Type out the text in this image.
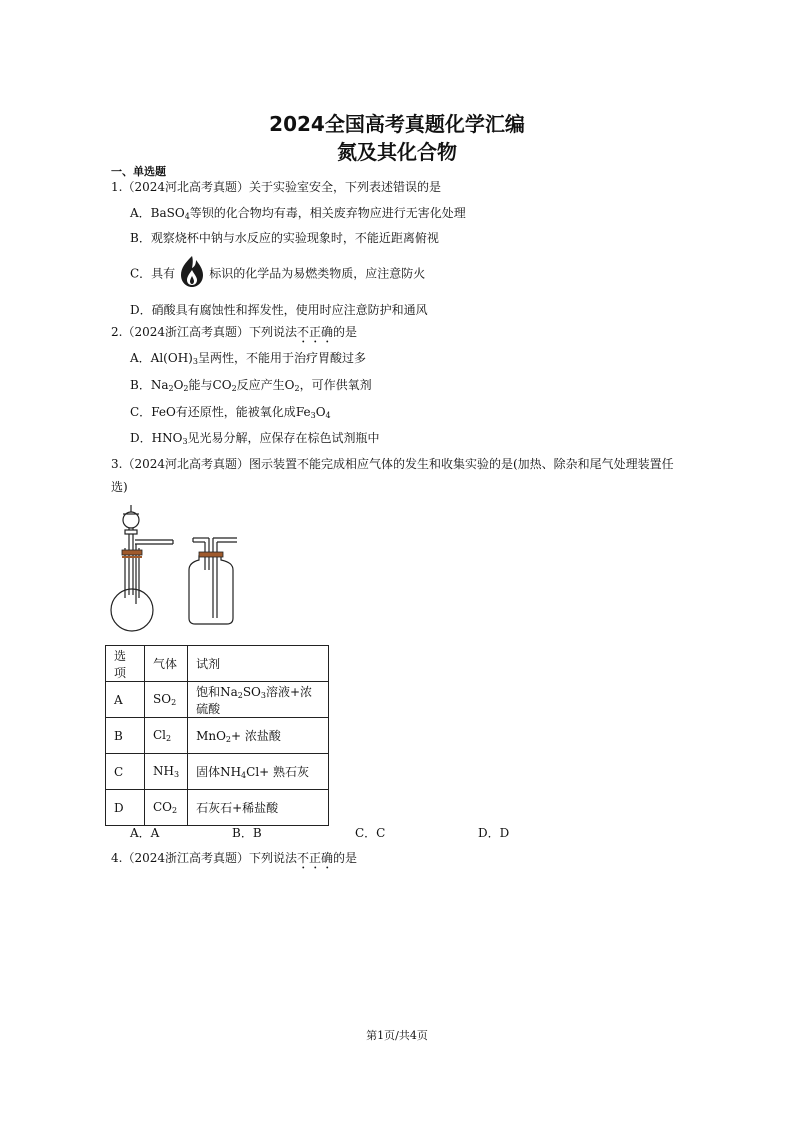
2024全国高考真题化学汇编
氮及其化合物
一、单选题
1.（2024河北高考真题）关于实验室安全，下列表述错误的是
A．BaSO$_4$等钡的化合物均有毒，相关废弃物应进行无害化处理
B．观察烧杯中钠与水反应的实验现象时，不能近距离俯视
C．具有	标识的化学品为易燃类物质，应注意防火
D．硝酸具有腐蚀性和挥发性，使用时应注意防护和通风
2.（2024浙江高考真题）下列说法不正确的是
A．$Al(OH)_3$呈两性，不能用于治疗胃酸过多
B．$Na_2O_2$能与$CO_2$反应产生$O_2$，可作供氧剂
C．FeO有还原性，能被氧化成$Fe_3O_4$
D．$HNO_3$见光易分解，应保存在棕色试剂瓶中
3.（2024河北高考真题）图示装置不能完成相应气体的发生和收集实验的是(加热、除杂和尾气处理装置任
选)
选项	气体	试剂
A	$SO_2$	饱和$Na_2SO_3$溶液+浓硫酸
B	$Cl_2$	MnO$_2$+ 浓盐酸
C	$NH_3$	固体$NH_4Cl+$ 熟石灰
D	$CO_2$	石灰石+稀盐酸
A．A	B．B	C．C	D．D
4.（2024浙江高考真题）下列说法不正确的是
第1页/共4页
